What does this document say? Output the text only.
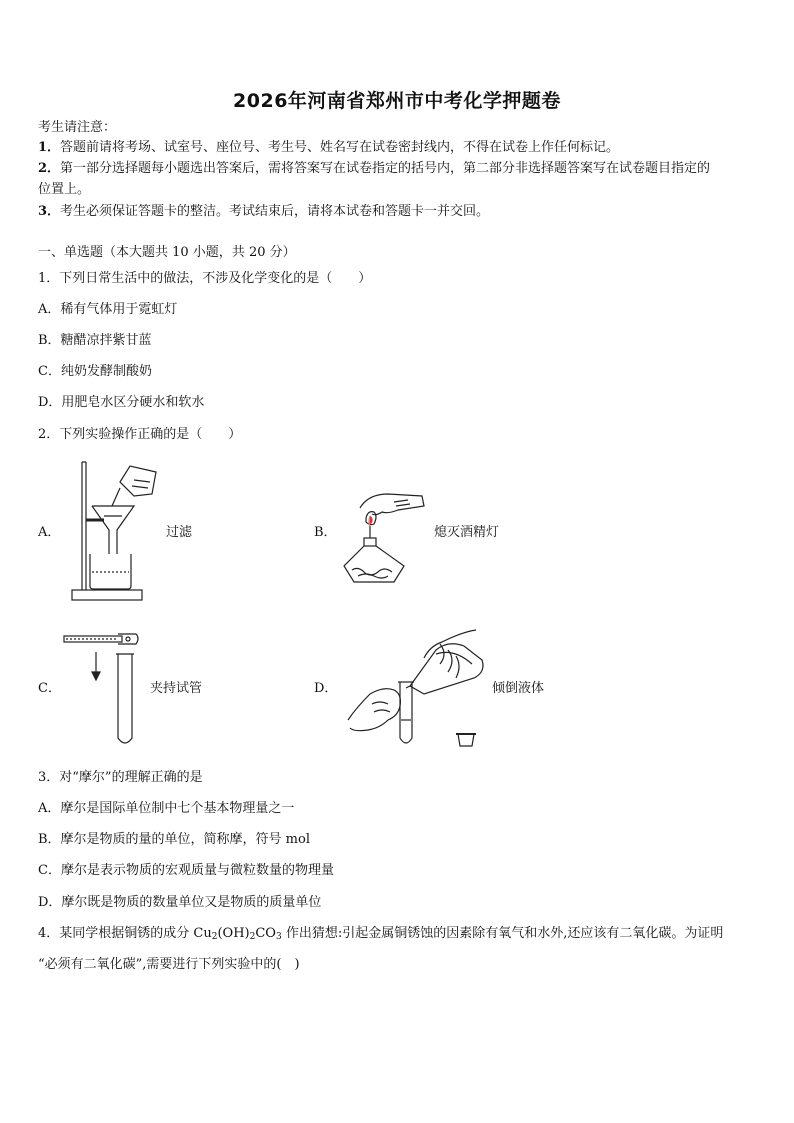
2026年河南省郑州市中考化学押题卷
考生请注意：
1．答题前请将考场、试室号、座位号、考生号、姓名写在试卷密封线内，不得在试卷上作任何标记。
2．第一部分选择题每小题选出答案后，需将答案写在试卷指定的括号内，第二部分非选择题答案写在试卷题目指定的
位置上。
3．考生必须保证答题卡的整洁。考试结束后，请将本试卷和答题卡一并交回。
一、单选题（本大题共 10 小题，共 20 分）
1．下列日常生活中的做法，不涉及化学变化的是（　　）
A．稀有气体用于霓虹灯
B．糖醋凉拌紫甘蓝
C．纯奶发酵制酸奶
D．用肥皂水区分硬水和软水
2．下列实验操作正确的是（　　）
A．	过滤	B．	熄灭酒精灯
C．	夹持试管	D．	倾倒液体
3．对“摩尔”的理解正确的是
A．摩尔是国际单位制中七个基本物理量之一
B．摩尔是物质的量的单位，简称摩，符号 mol
C．摩尔是表示物质的宏观质量与微粒数量的物理量
D．摩尔既是物质的数量单位又是物质的质量单位
4．某同学根据铜锈的成分 $Cu_2(OH)_2CO_3$ 作出猜想:引起金属铜锈蚀的因素除有氧气和水外,还应该有二氧化碳。为证明
“必须有二氧化碳”,需要进行下列实验中的(　)
